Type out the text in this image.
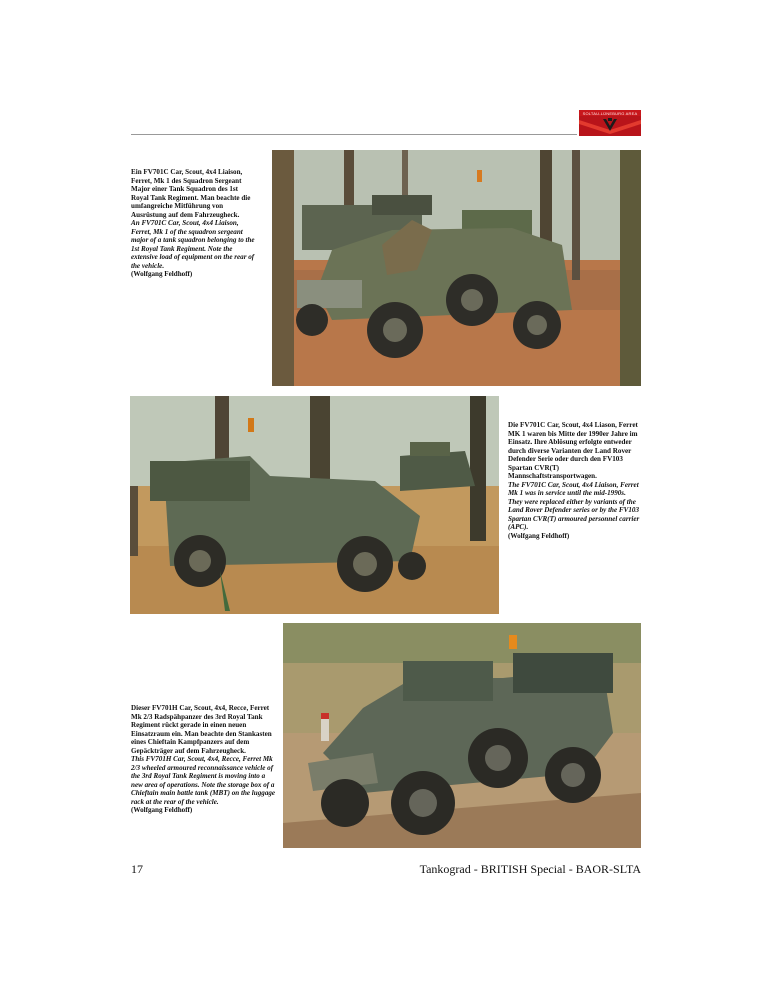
SOLTAU-LÜNEBURG AREA
Ein FV701C Car, Scout, 4x4 Liaison, Ferret, Mk 1 des Squadron Sergeant Major einer Tank Squadron des 1st Royal Tank Regiment. Man beachte die umfangreiche Mitführung von Ausrüstung auf dem Fahrzeugheck.
An FV701C Car, Scout, 4x4 Liaison, Ferret, Mk 1 of the squadron sergeant major of a tank squadron belonging to the 1st Royal Tank Regiment. Note the extensive load of equipment on the rear of the vehicle.
(Wolfgang Feldhoff)
Die FV701C Car, Scout, 4x4 Liason, Ferret MK 1 waren bis Mitte der 1990er Jahre im Einsatz. Ihre Ablösung erfolgte entweder durch diverse Varianten der Land Rover Defender Serie oder durch den FV103 Spartan CVR(T) Mannschaftstransportwagen.
The FV701C Car, Scout, 4x4 Liaison, Ferret Mk 1 was in service until the mid-1990s. They were replaced either by variants of the Land Rover Defender series or by the FV103 Spartan CVR(T) armoured personnel carrier (APC).
(Wolfgang Feldhoff)
Dieser FV701H Car, Scout, 4x4, Recce, Ferret Mk 2/3 Radspähpanzer des 3rd Royal Tank Regiment rückt gerade in einen neuen Einsatzraum ein. Man beachte den Stankasten eines Chieftain Kampfpanzers auf dem Gepäckträger auf dem Fahrzeugheck.
This FV701H Car, Scout, 4x4, Recce, Ferret Mk 2/3 wheeled armoured reconnaissance vehicle of the 3rd Royal Tank Regiment is moving into a new area of operations. Note the storage box of a Chieftain main battle tank (MBT) on the luggage rack at the rear of the vehicle.
(Wolfgang Feldhoff)
17	Tankograd - BRITISH Special - BAOR-SLTA
